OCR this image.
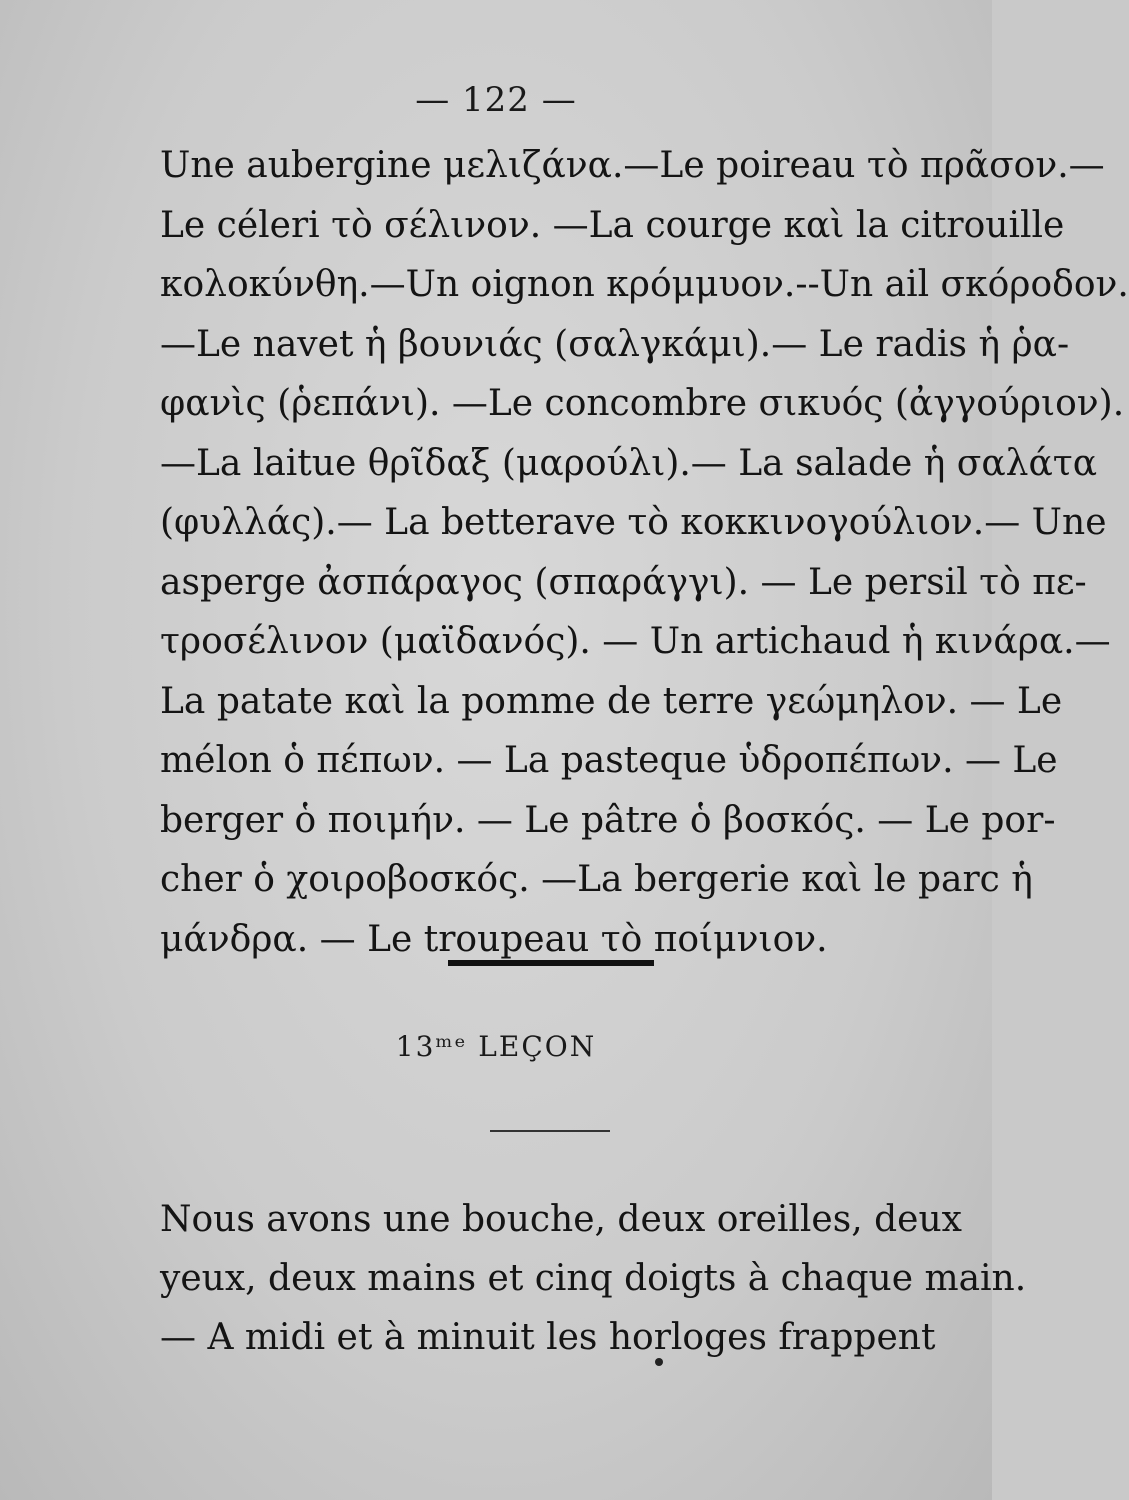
— 122 —
Une aubergine μελιζάνα.—Le poireau τὸ πρᾶσον.—
Le céleri τὸ σέλινον. —La courge καὶ la citrouille
κολοκύνθη.—Un oignon κρόμμυον.--Un ail σκόροδον.
—Le navet ἡ βουνιάς (σαλγκάμι).— Le radis ἡ ῥα-
φανὶς (ῥεπάνι). —Le concombre σικυός (ἀγγούριον).
—La laitue θρῖδαξ (μαρούλι).— La salade ἡ σαλάτα
(φυλλάς).— La betterave τὸ κοκκινογούλιον.— Une
asperge ἀσπάραγος (σπαράγγι). — Le persil τὸ πε-
τροσέλινον (μαϊδανός). — Un artichaud ἡ κινάρα.—
La patate καὶ la pomme de terre γεώμηλον. — Le
mélon ὁ πέπων. — La pasteque ὑδροπέπων. — Le
berger ὁ ποιμήν. — Le pâtre ὁ βοσκός. — Le por-
cher ὁ χοιροβοσκός. —La bergerie καὶ le parc ἡ
μάνδρα. — Le troupeau τὸ ποίμνιον.
13ᵐᵉ LEÇON
Nous avons une bouche, deux oreilles, deux
yeux, deux mains et cinq doigts à chaque main.
— A midi et à minuit les horloges frappent
